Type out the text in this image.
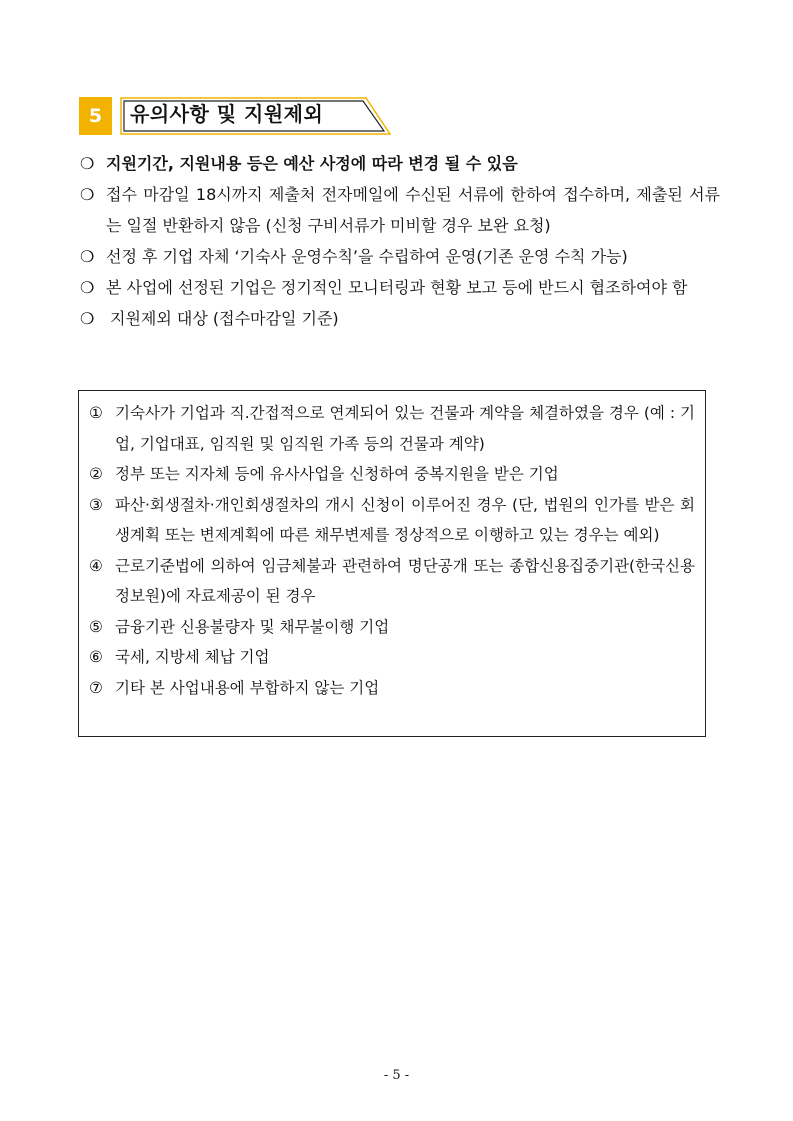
5	유의사항 및 지원제외
❍ 지원기간, 지원내용 등은 예산 사정에 따라 변경 될 수 있음
❍ 접수 마감일 18시까지 제출처 전자메일에 수신된 서류에 한하여 접수하며, 제출된 서류는 일절 반환하지 않음 (신청 구비서류가 미비할 경우 보완 요청)
❍ 선정 후 기업 자체 ‘기숙사 운영수칙’을 수립하여 운영(기존 운영 수칙 가능)
❍ 본 사업에 선정된 기업은 정기적인 모니터링과 현황 보고 등에 반드시 협조하여야 함
❍ 지원제외 대상 (접수마감일 기준)
① 기숙사가 기업과 직.간접적으로 연계되어 있는 건물과 계약을 체결하였을 경우 (예 : 기업, 기업대표, 임직원 및 임직원 가족 등의 건물과 계약)
② 정부 또는 지자체 등에 유사사업을 신청하여 중복지원을 받은 기업
③ 파산·회생절차·개인회생절차의 개시 신청이 이루어진 경우 (단, 법원의 인가를 받은 회생계획 또는 변제계획에 따른 채무변제를 정상적으로 이행하고 있는 경우는 예외)
④ 근로기준법에 의하여 임금체불과 관련하여 명단공개 또는 종합신용집중기관(한국신용정보원)에 자료제공이 된 경우
⑤ 금융기관 신용불량자 및 채무불이행 기업
⑥ 국세, 지방세 체납 기업
⑦ 기타 본 사업내용에 부합하지 않는 기업
- 5 -
